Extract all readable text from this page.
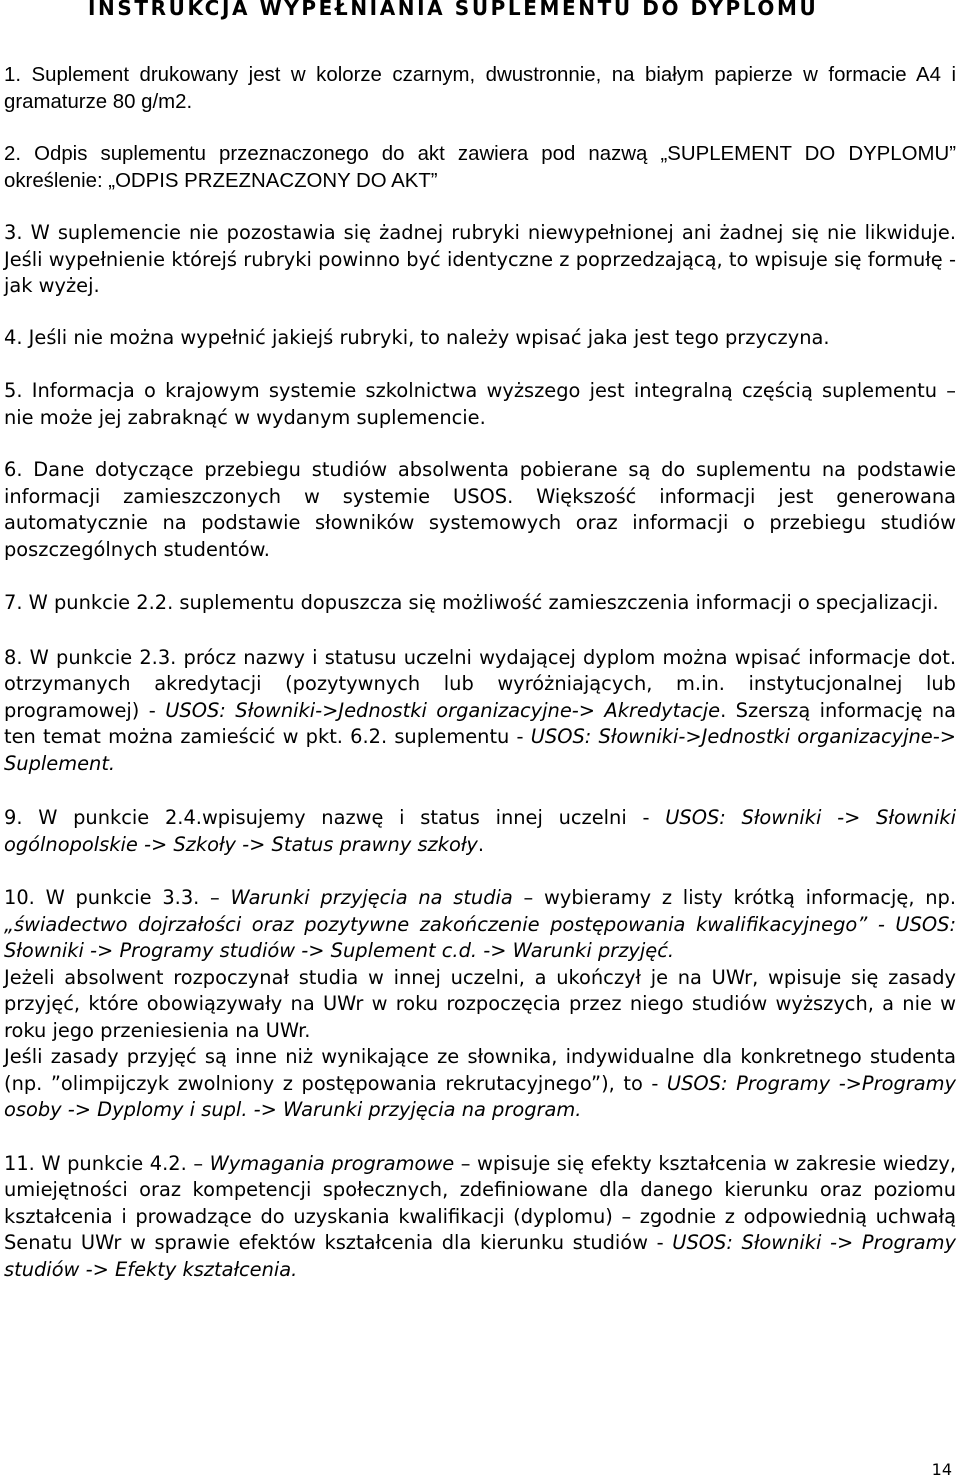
INSTRUKCJA WYPEŁNIANIA SUPLEMENTU DO DYPLOMU

1. Suplement drukowany jest w kolorze czarnym, dwustronnie, na białym papierze w formacie A4 i gramaturze 80 g/m2.

2. Odpis suplementu przeznaczonego do akt zawiera pod nazwą „SUPLEMENT DO DYPLOMU” określenie: „ODPIS PRZEZNACZONY DO AKT”

3. W suplemencie nie pozostawia się żadnej rubryki niewypełnionej ani żadnej się nie likwiduje. Jeśli wypełnienie którejś rubryki powinno być identyczne z poprzedzającą, to wpisuje się formułę - jak wyżej.

4. Jeśli nie można wypełnić jakiejś rubryki, to należy wpisać jaka jest tego przyczyna.

5. Informacja o krajowym systemie szkolnictwa wyższego jest integralną częścią suplementu – nie może jej zabraknąć w wydanym suplemencie.

6. Dane dotyczące przebiegu studiów absolwenta pobierane są do suplementu na podstawie informacji zamieszczonych w systemie USOS. Większość informacji jest generowana automatycznie na podstawie słowników systemowych oraz informacji o przebiegu studiów poszczególnych studentów.

7. W punkcie 2.2. suplementu dopuszcza się możliwość zamieszczenia informacji o specjalizacji.

8. W punkcie 2.3. prócz nazwy i statusu uczelni wydającej dyplom można wpisać informacje dot. otrzymanych akredytacji (pozytywnych lub wyróżniających, m.in. instytucjonalnej lub programowej) - USOS: Słowniki->Jednostki organizacyjne-> Akredytacje. Szerszą informację na ten temat można zamieścić w pkt. 6.2. suplementu - USOS: Słowniki->Jednostki organizacyjne-> Suplement.

9. W punkcie 2.4.wpisujemy nazwę i status innej uczelni - USOS: Słowniki -> Słowniki ogólnopolskie -> Szkoły -> Status prawny szkoły.

10. W punkcie 3.3. – Warunki przyjęcia na studia – wybieramy z listy krótką informację, np. „świadectwo dojrzałości oraz pozytywne zakończenie postępowania kwalifikacyjnego” - USOS: Słowniki -> Programy studiów -> Suplement c.d. -> Warunki przyjęć.

Jeżeli absolwent rozpoczynał studia w innej uczelni, a ukończył je na UWr, wpisuje się zasady przyjęć, które obowiązywały na UWr w roku rozpoczęcia przez niego studiów wyższych, a nie w roku jego przeniesienia na UWr.

Jeśli zasady przyjęć są inne niż wynikające ze słownika, indywidualne dla konkretnego studenta (np. ”olimpijczyk zwolniony z postępowania rekrutacyjnego”), to - USOS: Programy ->Programy osoby -> Dyplomy i supl. -> Warunki przyjęcia na program.

11. W punkcie 4.2. – Wymagania programowe – wpisuje się efekty kształcenia w zakresie wiedzy, umiejętności oraz kompetencji społecznych, zdefiniowane dla danego kierunku oraz poziomu kształcenia i prowadzące do uzyskania kwalifikacji (dyplomu) – zgodnie z odpowiednią uchwałą Senatu UWr w sprawie efektów kształcenia dla kierunku studiów - USOS: Słowniki -> Programy studiów -> Efekty kształcenia.

14
